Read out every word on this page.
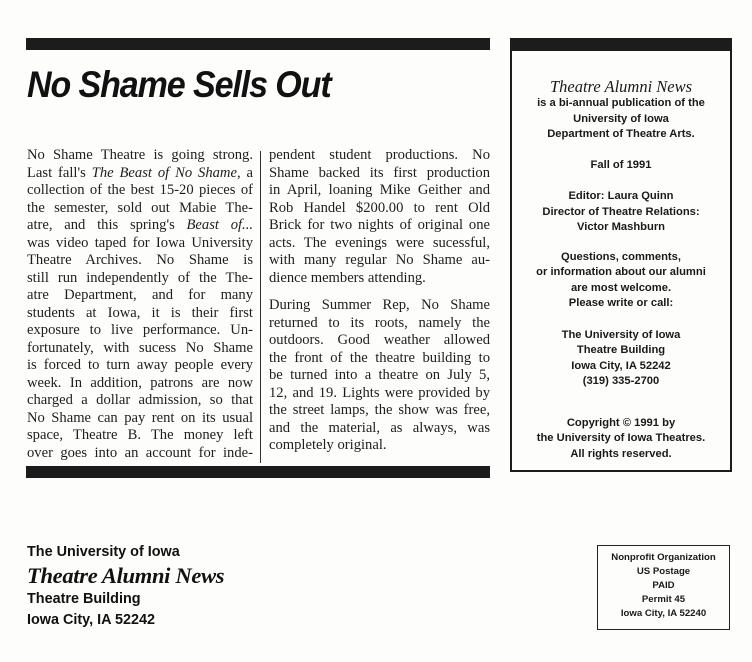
No Shame Sells Out

No Shame Theatre is going strong.
Last fall's The Beast of No Shame, a
collection of the best 15-20 pieces of
the semester, sold out Mabie The-
atre, and this spring's Beast of...
was video taped for Iowa University
Theatre Archives. No Shame is
still run independently of the The-
atre Department, and for many
students at Iowa, it is their first
exposure to live performance. Un-
fortunately, with sucess No Shame
is forced to turn away people every
week. In addition, patrons are now
charged a dollar admission, so that
No Shame can pay rent on its usual
space, Theatre B. The money left
over goes into an account for inde-

pendent student productions. No
Shame backed its first production
in April, loaning Mike Geither and
Rob Handel $200.00 to rent Old
Brick for two nights of original one
acts. The evenings were sucessful,
with many regular No Shame au-
dience members attending.

During Summer Rep, No Shame
returned to its roots, namely the
outdoors. Good weather allowed
the front of the theatre building to
be turned into a theatre on July 5,
12, and 19. Lights were provided by
the street lamps, the show was free,
and the material, as always, was
completely original.

Theatre Alumni News
is a bi-annual publication of the
University of Iowa
Department of Theatre Arts.
Fall of 1991
Editor: Laura Quinn
Director of Theatre Relations:
Victor Mashburn
Questions, comments,
or information about our alumni
are most welcome.
Please write or call:
The University of Iowa
Theatre Building
Iowa City, IA 52242
(319) 335-2700
Copyright © 1991 by
the University of Iowa Theatres.
All rights reserved.
The University of Iowa
Theatre Alumni News
Theatre Building
Iowa City, IA 52242
Nonprofit Organization
US Postage
PAID
Permit 45
Iowa City, IA 52240
